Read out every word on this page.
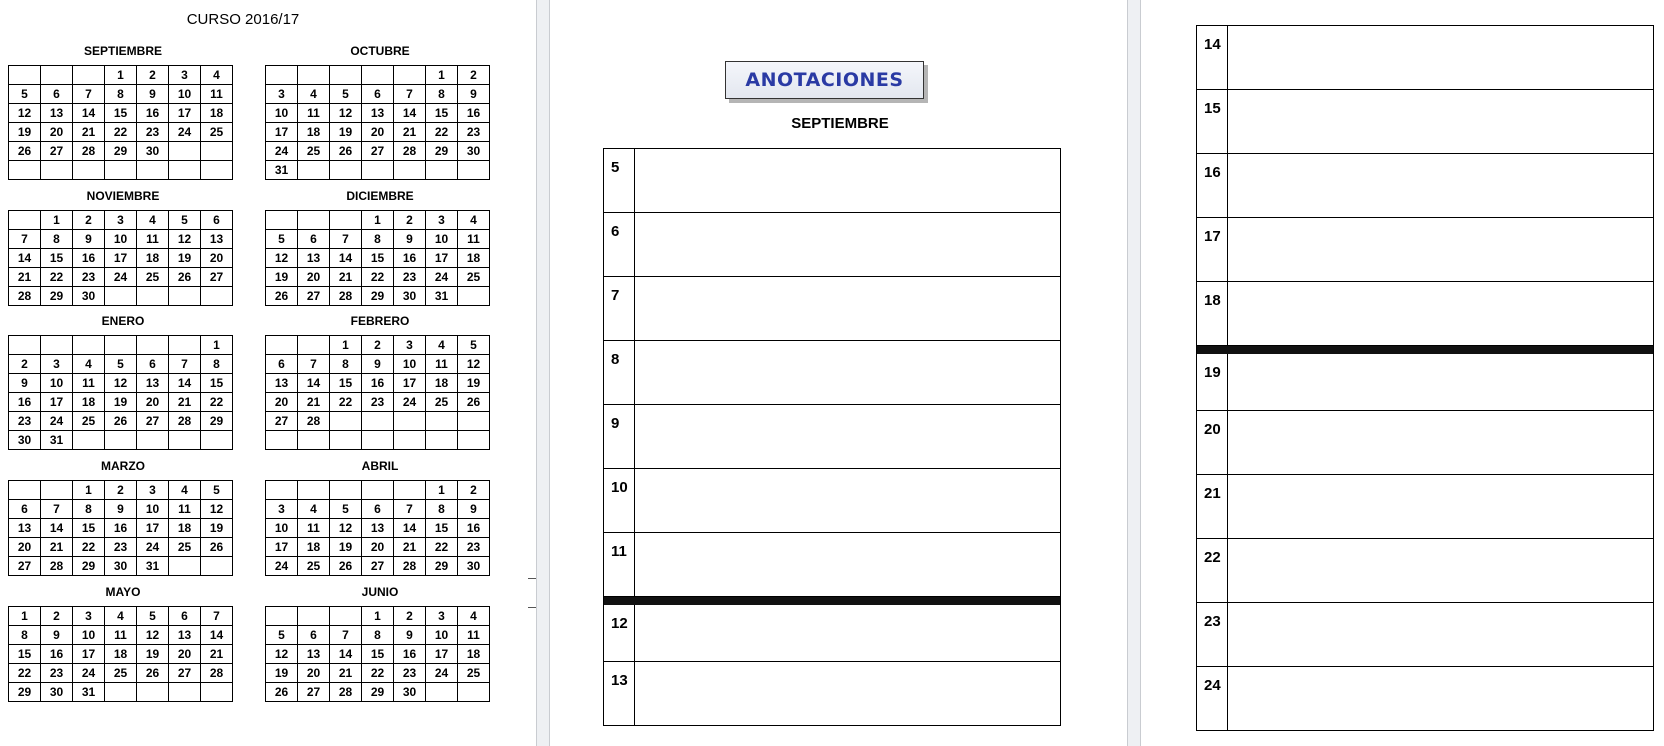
CURSO 2016/17
SEPTIEMBRE
			1	2	3	4
5	6	7	8	9	10	11
12	13	14	15	16	17	18
19	20	21	22	23	24	25
26	27	28	29	30		

OCTUBRE
					1	2
3	4	5	6	7	8	9
10	11	12	13	14	15	16
17	18	19	20	21	22	23
24	25	26	27	28	29	30
31						
NOVIEMBRE
	1	2	3	4	5	6
7	8	9	10	11	12	13
14	15	16	17	18	19	20
21	22	23	24	25	26	27
28	29	30				
DICIEMBRE
			1	2	3	4
5	6	7	8	9	10	11
12	13	14	15	16	17	18
19	20	21	22	23	24	25
26	27	28	29	30	31	
ENERO
						1
2	3	4	5	6	7	8
9	10	11	12	13	14	15
16	17	18	19	20	21	22
23	24	25	26	27	28	29
30	31					
FEBRERO
		1	2	3	4	5
6	7	8	9	10	11	12
13	14	15	16	17	18	19
20	21	22	23	24	25	26
27	28					

MARZO
		1	2	3	4	5
6	7	8	9	10	11	12
13	14	15	16	17	18	19
20	21	22	23	24	25	26
27	28	29	30	31		
ABRIL
					1	2
3	4	5	6	7	8	9
10	11	12	13	14	15	16
17	18	19	20	21	22	23
24	25	26	27	28	29	30
MAYO
1	2	3	4	5	6	7
8	9	10	11	12	13	14
15	16	17	18	19	20	21
22	23	24	25	26	27	28
29	30	31				
JUNIO
			1	2	3	4
5	6	7	8	9	10	11
12	13	14	15	16	17	18
19	20	21	22	23	24	25
26	27	28	29	30		
ANOTACIONES
SEPTIEMBRE
5
6
7
8
9
10
11
12
13
14
15
16
17
18
19
20
21
22
23
24
